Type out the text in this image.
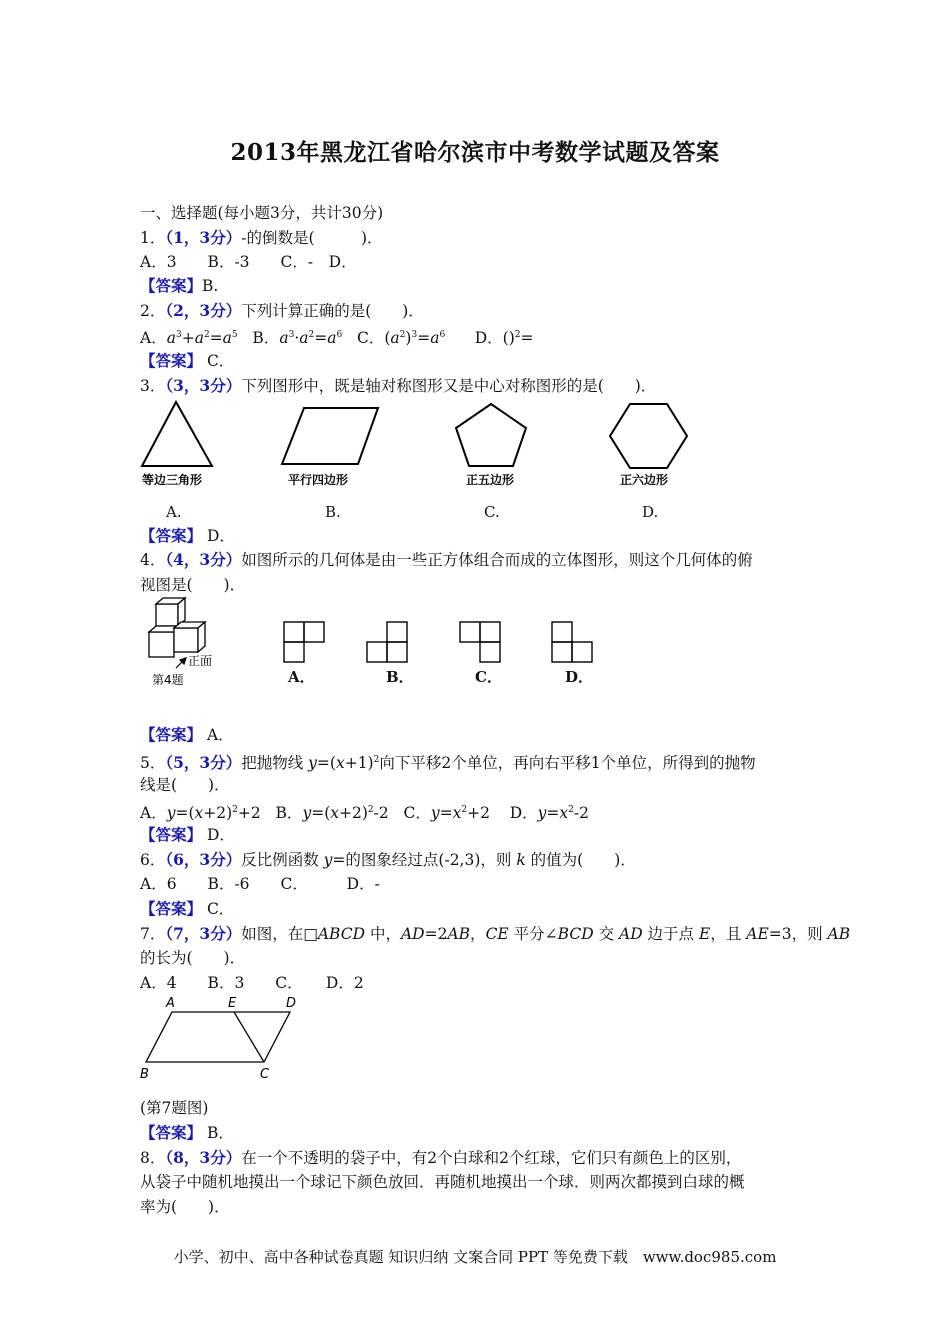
2013年黑龙江省哈尔滨市中考数学试题及答案
一、选择题(每小题3分，共计30分)
1．（1，3分）-的倒数是(　　　)．
A．3　　B．-3　　C．-　D．
【答案】B.
2．（2，3分）下列计算正确的是(　　)．
A．$a^3+a^2=a^5$   B．$a^3\cdot a^2=a^6$   C．$(a^2)^3=a^6$      D．()$^2$=
【答案】 C．
3．（3，3分）下列图形中，既是轴对称图形又是中心对称图形的是(　　)．
等边三角形	平行四边形	正五边形	正六边形
A.	B.	C.	D.
【答案】 D．
4．（4，3分）如图所示的几何体是由一些正方体组合而成的立体图形，则这个几何体的俯
视图是(　　)．
正面
第4题	A．	B．	C．	D．
【答案】 A．
5．（5，3分）把抛物线 $y=(x+1)^2$向下平移2个单位，再向右平移1个单位，所得到的抛物
线是(　　)．
A．$y=(x+2)^2+2$   B．$y=(x+2)^2-2$   C．$y=x^2+2$    D．$y=x^2-2$
【答案】 D．
6．（6，3分）反比例函数 y=的图象经过点(-2,3)，则 k 的值为(　　)．
A．6　　B．-6　　C．　　　D．-
【答案】 C．
7．（7，3分）如图，在□ABCD 中，AD=2AB，CE 平分∠BCD 交 AD 边于点 E，且 AE=3，则 AB
的长为(　　)．
A．4　　B．3　　C．　　D．2
A	E	D
B	C
(第7题图)
【答案】 B．
8．（8，3分）在一个不透明的袋子中，有2个白球和2个红球，它们只有颜色上的区别，
从袋子中随机地摸出一个球记下颜色放回．再随机地摸出一个球．则两次都摸到白球的概
率为(　　)．
小学、初中、高中各种试卷真题 知识归纳 文案合同 PPT 等免费下载　www.doc985.com
